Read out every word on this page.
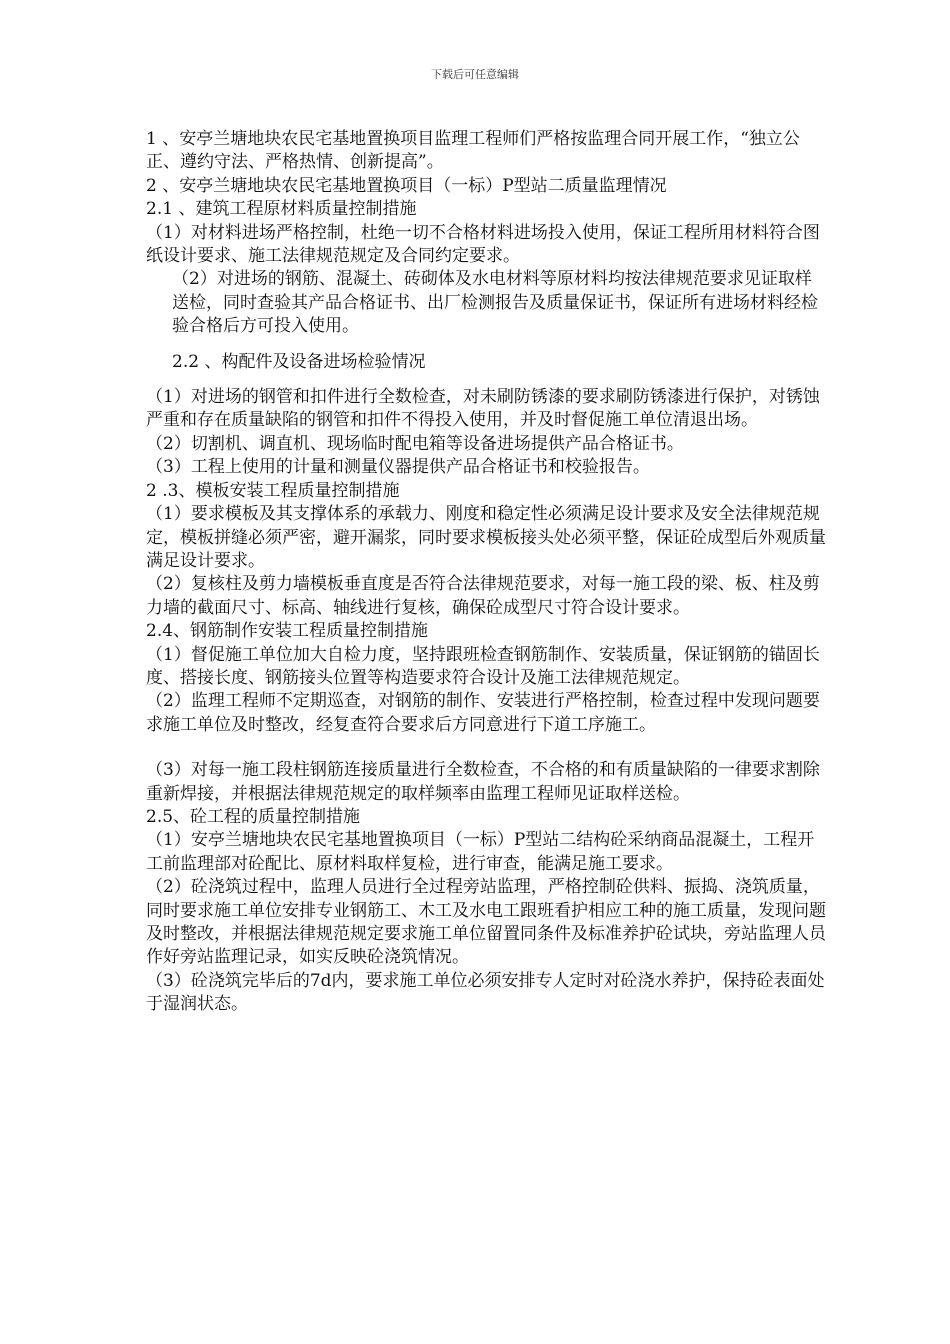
下载后可任意编辑

1 、安亭兰塘地块农民宅基地置换项目监理工程师们严格按监理合同开展工作，“独立公正、遵约守法、严格热情、创新提高”。

2 、安亭兰塘地块农民宅基地置换项目（一标）P型站二质量监理情况

2.1 、建筑工程原材料质量控制措施

（1）对材料进场严格控制，杜绝一切不合格材料进场投入使用，保证工程所用材料符合图纸设计要求、施工法律规范规定及合同约定要求。

（2）对进场的钢筋、混凝土、砖砌体及水电材料等原材料均按法律规范要求见证取样送检，同时查验其产品合格证书、出厂检测报告及质量保证书，保证所有进场材料经检验合格后方可投入使用。

2.2 、构配件及设备进场检验情况

（1）对进场的钢管和扣件进行全数检查，对未刷防锈漆的要求刷防锈漆进行保护，对锈蚀严重和存在质量缺陷的钢管和扣件不得投入使用，并及时督促施工单位清退出场。

（2）切割机、调直机、现场临时配电箱等设备进场提供产品合格证书。

（3）工程上使用的计量和测量仪器提供产品合格证书和校验报告。

2 .3、模板安装工程质量控制措施

（1）要求模板及其支撑体系的承载力、刚度和稳定性必须满足设计要求及安全法律规范规定，模板拼缝必须严密，避开漏浆，同时要求模板接头处必须平整，保证砼成型后外观质量满足设计要求。

（2）复核柱及剪力墙模板垂直度是否符合法律规范要求，对每一施工段的梁、板、柱及剪力墙的截面尺寸、标高、轴线进行复核，确保砼成型尺寸符合设计要求。

2.4、钢筋制作安装工程质量控制措施

（1）督促施工单位加大自检力度，坚持跟班检查钢筋制作、安装质量，保证钢筋的锚固长度、搭接长度、钢筋接头位置等构造要求符合设计及施工法律规范规定。

（2）监理工程师不定期巡查，对钢筋的制作、安装进行严格控制，检查过程中发现问题要求施工单位及时整改，经复查符合要求后方同意进行下道工序施工。

（3）对每一施工段柱钢筋连接质量进行全数检查，不合格的和有质量缺陷的一律要求割除重新焊接，并根据法律规范规定的取样频率由监理工程师见证取样送检。

2.5、砼工程的质量控制措施

（1）安亭兰塘地块农民宅基地置换项目（一标）P型站二结构砼采纳商品混凝土，工程开工前监理部对砼配比、原材料取样复检，进行审查，能满足施工要求。

（2）砼浇筑过程中，监理人员进行全过程旁站监理，严格控制砼供料、振捣、浇筑质量，同时要求施工单位安排专业钢筋工、木工及水电工跟班看护相应工种的施工质量，发现问题及时整改，并根据法律规范规定要求施工单位留置同条件及标准养护砼试块，旁站监理人员作好旁站监理记录，如实反映砼浇筑情况。

（3）砼浇筑完毕后的7d内，要求施工单位必须安排专人定时对砼浇水养护，保持砼表面处于湿润状态。
